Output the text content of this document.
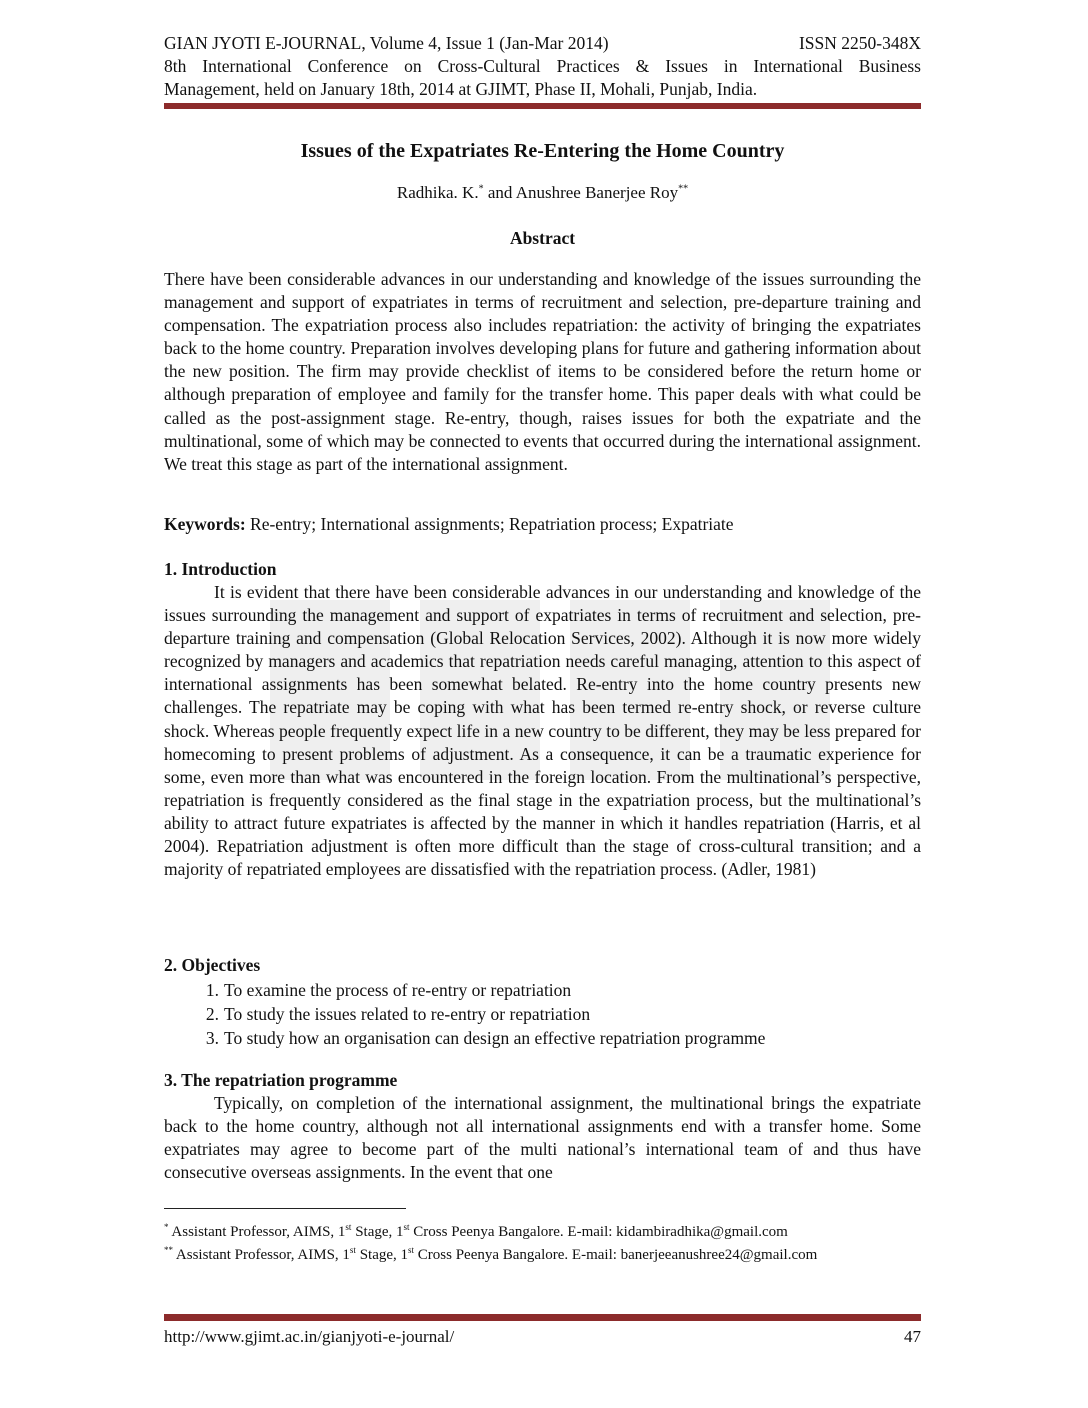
GIAN JYOTI E-JOURNAL, Volume 4, Issue 1 (Jan-Mar 2014)	ISSN 2250-348X
8th International Conference on Cross-Cultural Practices & Issues in International Business
Management, held on January 18th, 2014 at GJIMT, Phase II, Mohali, Punjab, India.
Issues of the Expatriates Re-Entering the Home Country
Radhika. K.* and Anushree Banerjee Roy**
Abstract

There have been considerable advances in our understanding and knowledge of the issues surrounding the management and support of expatriates in terms of recruitment and selection, pre-departure training and compensation. The expatriation process also includes repatriation: the activity of bringing the expatriates back to the home country. Preparation involves developing plans for future and gathering information about the new position. The firm may provide checklist of items to be considered before the return home or although preparation of employee and family for the transfer home. This paper deals with what could be called as the post-assignment stage. Re-entry, though, raises issues for both the expatriate and the multinational, some of which may be connected to events that occurred during the international assignment. We treat this stage as part of the international assignment.

Keywords: Re-entry; International assignments; Repatriation process; Expatriate
1. Introduction

It is evident that there have been considerable advances in our understanding and knowledge of the issues surrounding the management and support of expatriates in terms of recruitment and selection, pre-departure training and compensation (Global Relocation Services, 2002). Although it is now more widely recognized by managers and academics that repatriation needs careful managing, attention to this aspect of international assignments has been somewhat belated. Re-entry into the home country presents new challenges. The repatriate may be coping with what has been termed re-entry shock, or reverse culture shock. Whereas people frequently expect life in a new country to be different, they may be less prepared for homecoming to present problems of adjustment. As a consequence, it can be a traumatic experience for some, even more than what was encountered in the foreign location. From the multinational’s perspective, repatriation is frequently considered as the final stage in the expatriation process, but the multinational’s ability to attract future expatriates is affected by the manner in which it handles repatriation (Harris, et al 2004). Repatriation adjustment is often more difficult than the stage of cross-cultural transition; and a majority of repatriated employees are dissatisfied with the repatriation process. (Adler, 1981)

2. Objectives
1. To examine the process of re-entry or repatriation
2. To study the issues related to re-entry or repatriation
3. To study how an organisation can design an effective repatriation programme
3. The repatriation programme

Typically, on completion of the international assignment, the multinational brings the expatriate back to the home country, although not all international assignments end with a transfer home. Some expatriates may agree to become part of the multi national’s international team of and thus have consecutive overseas assignments. In the event that one

* Assistant Professor, AIMS, 1st Stage, 1st Cross Peenya Bangalore. E-mail: kidambiradhika@gmail.com
** Assistant Professor, AIMS, 1st Stage, 1st Cross Peenya Bangalore. E-mail: banerjeeanushree24@gmail.com
http://www.gjimt.ac.in/gianjyoti-e-journal/	47
